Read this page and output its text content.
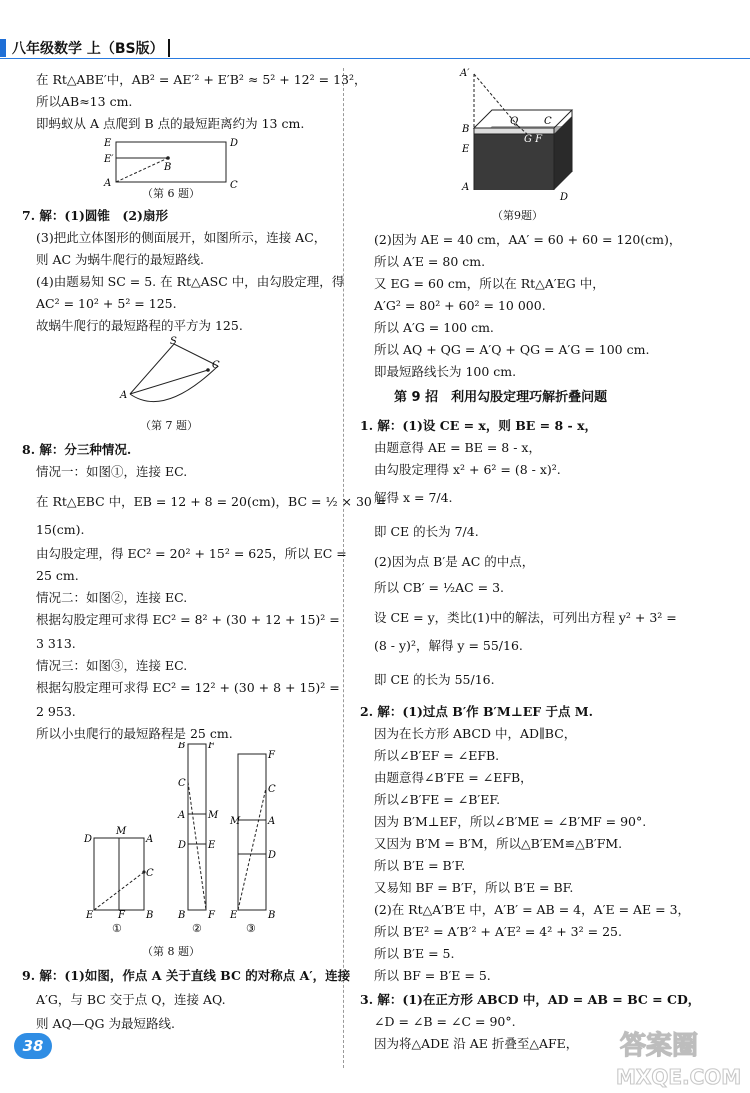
八年级数学 上（BS版）
在 Rt△ABE′中，AB² = AE′² + E′B² ≈ 5² + 12² = 13²，
所以AB≈13 cm.
即蚂蚁从 A 点爬到 B 点的最短距离约为 13 cm.
E
E′
A
B
D
C
（第 6 题）
7. 解：(1)圆锥　(2)扇形
(3)把此立体图形的侧面展开，如图所示，连接 AC，
则 AC 为蜗牛爬行的最短路线.
(4)由题易知 SC = 5. 在 Rt△ASC 中，由勾股定理，得
AC² = 10² + 5² = 125.
故蜗牛爬行的最短路程的平方为 125.
S
C
A
（第 7 题）
8. 解：分三种情况.
情况一：如图①，连接 EC.
在 Rt△EBC 中，EB = 12 + 8 = 20(cm)，BC = ½ × 30 =
15(cm).
由勾股定理，得 EC² = 20² + 15² = 625，所以 EC =
25 cm.
情况二：如图②，连接 EC.
根据勾股定理可求得 EC² = 8² + (30 + 12 + 15)² =
3 313.
情况三：如图③，连接 EC.
根据勾股定理可求得 EC² = 12² + (30 + 8 + 15)² =
2 953.
所以小虫爬行的最短路程是 25 cm.
D
M
A
C
E F B
B F
C
A M
D E
B F
F
C
A
D
M
E	B
①	②	③
（第 8 题）
9. 解：(1)如图，作点 A 关于直线 BC 的对称点 A′，连接
A′G，与 BC 交于点 Q，连接 AQ.
则 AQ—QG 为最短路线.
A′
B
E
A
Q	C
G F
D
（第9题）
(2)因为 AE = 40 cm，AA′ = 60 + 60 = 120(cm)，
所以 A′E = 80 cm.
又 EG = 60 cm，所以在 Rt△A′EG 中，
A′G² = 80² + 60² = 10 000.
所以 A′G = 100 cm.
所以 AQ + QG = A′Q + QG = A′G = 100 cm.
即最短路线长为 100 cm.
第 9 招　利用勾股定理巧解折叠问题
1. 解：(1)设 CE = x，则 BE = 8 - x，
由题意得 AE = BE = 8 - x，
由勾股定理得 x² + 6² = (8 - x)².
解得 x = 7/4.
即 CE 的长为 7/4.
(2)因为点 B′是 AC 的中点，
所以 CB′ = ½AC = 3.
设 CE = y，类比(1)中的解法，可列出方程 y² + 3² =
(8 - y)²，解得 y = 55/16.
即 CE 的长为 55/16.
2. 解：(1)过点 B′作 B′M⊥EF 于点 M.
因为在长方形 ABCD 中，AD∥BC，
所以∠B′EF = ∠EFB.
由题意得∠B′FE = ∠EFB，
所以∠B′FE = ∠B′EF.
因为 B′M⊥EF，所以∠B′ME = ∠B′MF = 90°.
又因为 B′M = B′M，所以△B′EM≌△B′FM.
所以 B′E = B′F.
又易知 BF = B′F，所以 B′E = BF.
(2)在 Rt△A′B′E 中，A′B′ = AB = 4，A′E = AE = 3，
所以 B′E² = A′B′² + A′E² = 4² + 3² = 25.
所以 B′E = 5.
所以 BF = B′E = 5.
3. 解：(1)在正方形 ABCD 中，AD = AB = BC = CD，
∠D = ∠B = ∠C = 90°.
因为将△ADE 沿 AE 折叠至△AFE，
38	答案圈
MXQE.COM
